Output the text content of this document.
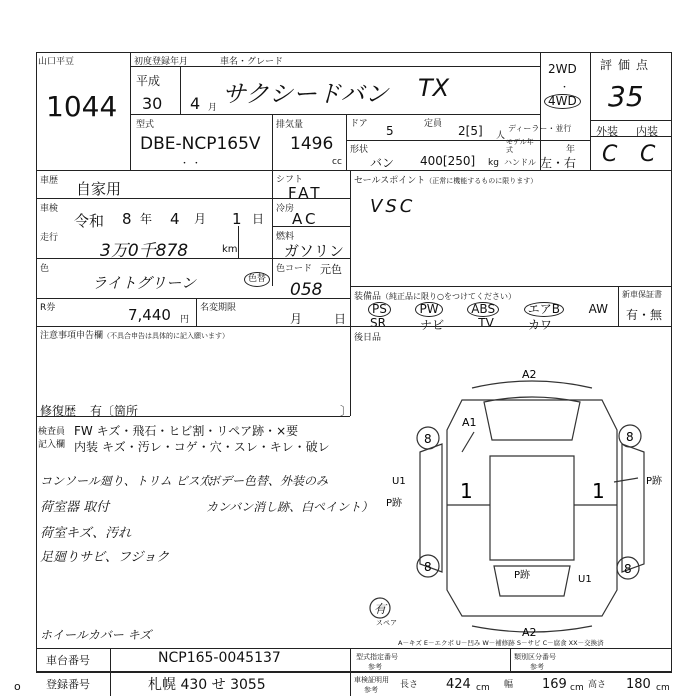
山口平豆
1044
初度登録年月	車名・グレード
平成
30 4 月 サクシードバン TX
2WD
・
4WD
評価点
35
外装 内装
C C
型式
DBE-NCP165V
・ ・
排気量
1496
cc
ドア 5	定員 2[5] 人
ディーラー・並行
形状
バン 400[250] kg
モデル年式	年
ハンドル 左・右
車歴 自家用	シフト
FAT
車検
令和 8 年 4 月 1 日
冷房
AC
走行
3万0千878	km
燃料
ガソリン
色
ライトグリーン	色替
色コード 元色
058
R券	7,440 円
名変期限
月	日
セールスポイント（正常に機能するものに限ります）
VSC
装備品（純正品に限り○をつけてください）
PS	PW	ABS	エアB	AW
SR	ナビ	TV	カワ
新車保証書
有・無
注意事項申告欄（不具合申告は具体的に記入願います）	後日品
修復歴 有〔箇所	〕
検査員
記入欄
FW キズ・飛石・ヒビ割・リペア跡・×要
内装 キズ・汚レ・コゲ・穴・スレ・キレ・破レ
コンソール廻り、トリム ビス穴
（ボデー色替、外装のみ
カンバン消し跡、白ペイント）
荷室器 取付
荷室キズ、汚れ
足廻りサビ、フジョク
ホイールカバー キズ
A2
A1
8	8
8	8
1	1
U1
P跡
P跡
P跡	U1
A2
有
スペア
A－キズ E－エクボ U－凹み W－補修跡 S－サビ C－腐食 XX－交換済
車台番号	NCP165-0045137
登録番号	札幌 430 せ 3055
型式指定番号
参考
類別区分番号
参考
車検証明用
参考 長さ 424 cm 幅 169 cm 高さ 180 cm
o
